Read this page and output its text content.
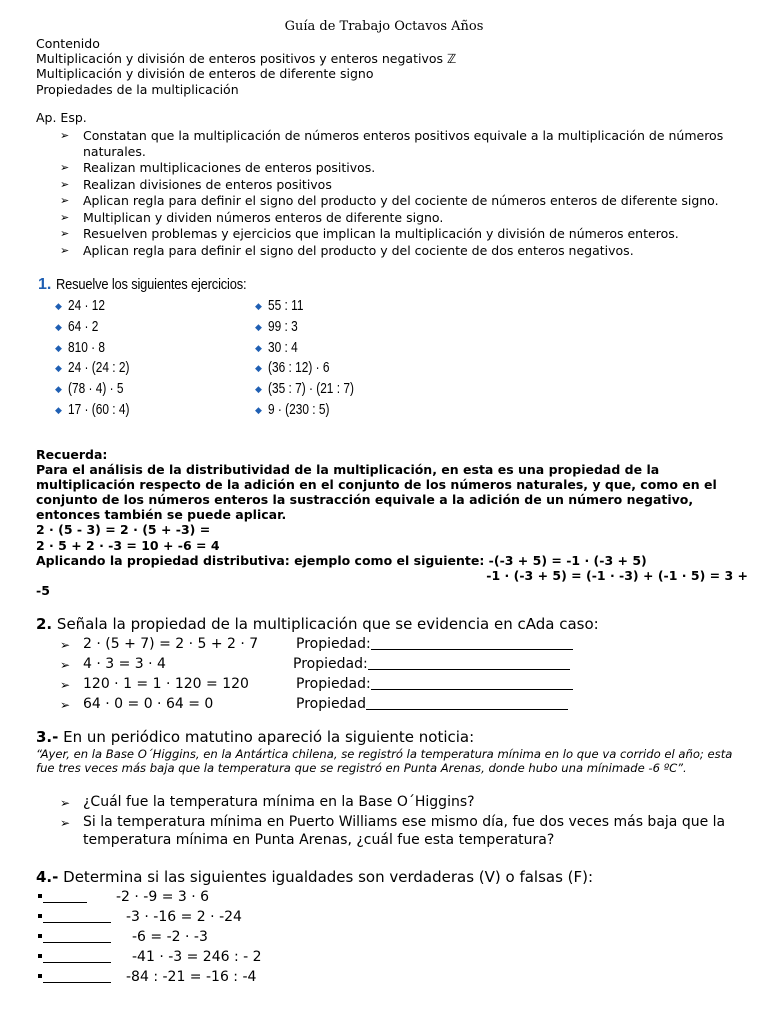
Guía de Trabajo Octavos Años
Contenido
Multiplicación y división de enteros positivos y enteros negativos ℤ
Multiplicación y división de enteros de diferente signo
Propiedades de la multiplicación
Ap. Esp.
➢ Constatan que la multiplicación de números enteros positivos equivale a la multiplicación de números naturales.
➢ Realizan multiplicaciones de enteros positivos.
➢ Realizan divisiones de enteros positivos
➢ Aplican regla para definir el signo del producto y del cociente de números enteros de diferente signo.
➢ Multiplican y dividen números enteros de diferente signo.
➢ Resuelven problemas y ejercicios que implican la multiplicación y división de números enteros.
➢ Aplican regla para definir el signo del producto y del cociente de dos enteros negativos.
1. Resuelve los siguientes ejercicios:
◆ 24 · 12
◆ 64 · 2
◆ 810 · 8
◆ 24 · (24 : 2)
◆ (78 · 4) · 5
◆ 17 · (60 : 4)
◆ 55 : 11
◆ 99 : 3
◆ 30 : 4
◆ (36 : 12) · 6
◆ (35 : 7) · (21 : 7)
◆ 9 · (230 : 5)

Recuerda:

Para el análisis de la distributividad de la multiplicación, en esta es una propiedad de la multiplicación respecto de la adición en el conjunto de los números naturales, y que, como en el conjunto de los números enteros la sustracción equivale a la adición de un número negativo, entonces también se puede aplicar.

2 · (5 - 3) = 2 · (5 + -3) =

2 · 5 + 2 · -3 = 10 + -6 = 4

Aplicando la propiedad distributiva: ejemplo como el siguiente: -(-3 + 5) = -1 · (-3 + 5)

-1 · (-3 + 5) = (-1 · -3) + (-1 · 5) = 3 +

-5

2. Señala la propiedad de la multiplicación que se evidencia en cAda caso:
➢ 2 · (5 + 7) = 2 · 5 + 2 · 7	Propiedad:
➢ 4 · 3 = 3 · 4	Propiedad:
➢ 120 · 1 = 1 · 120 = 120	Propiedad:
➢ 64 · 0 = 0 · 64 = 0	Propiedad
3.- En un periódico matutino apareció la siguiente noticia:
“Ayer, en la Base O´Higgins, en la Antártica chilena, se registró la temperatura mínima en lo que va corrido el año; esta fue tres veces más baja que la temperatura que se registró en Punta Arenas, donde hubo una mínimade -6 ºC”.
➢ ¿Cuál fue la temperatura mínima en la Base O´Higgins?
➢ Si la temperatura mínima en Puerto Williams ese mismo día, fue dos veces más baja que la temperatura mínima en Punta Arenas, ¿cuál fue esta temperatura?
4.- Determina si las siguientes igualdades son verdaderas (V) o falsas (F):
-2 · -9 = 3 · 6
-3 · -16 = 2 · -24
-6 = -2 · -3
-41 · -3 = 246 : - 2
-84 : -21 = -16 : -4
